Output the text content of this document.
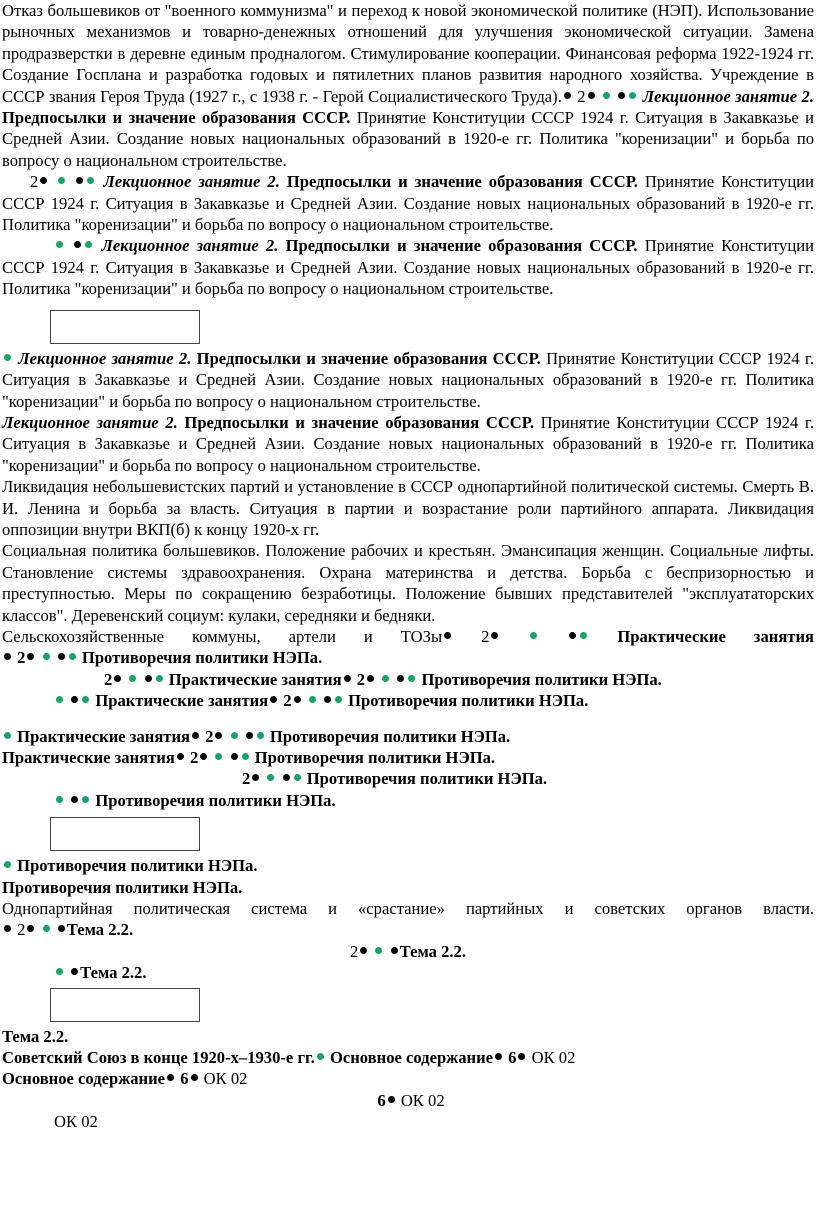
Отказ большевиков от "военного коммунизма" и переход к новой экономической политике (НЭП). Использование рыночных механизмов и товарно-денежных отношений для улучшения экономической ситуации. Замена продразверстки в деревне единым продналогом. Стимулирование кооперации. Финансовая реформа 1922-1924 гг. Создание Госплана и разработка годовых и пятилетних планов развития народного хозяйства. Учреждение в СССР звания Героя Труда (1927 г., с 1938 г. - Герой Социалистического Труда). 2	Лекционное занятие 2. Предпосылки и значение образования СССР. Принятие Конституции СССР 1924 г. Ситуация в Закавказье и Средней Азии. Создание новых национальных образований в 1920-е гг. Политика "коренизации" и борьба по вопросу о национальном строительстве.

2	Лекционное занятие 2. Предпосылки и значение образования СССР. Принятие Конституции СССР 1924 г. Ситуация в Закавказье и Средней Азии. Создание новых национальных образований в 1920-е гг. Политика "коренизации" и борьба по вопросу о национальном строительстве.

Лекционное занятие 2. Предпосылки и значение образования СССР. Принятие Конституции СССР 1924 г. Ситуация в Закавказье и Средней Азии. Создание новых национальных образований в 1920-е гг. Политика "коренизации" и борьба по вопросу о национальном строительстве.

Лекционное занятие 2. Предпосылки и значение образования СССР. Принятие Конституции СССР 1924 г. Ситуация в Закавказье и Средней Азии. Создание новых национальных образований в 1920-е гг. Политика "коренизации" и борьба по вопросу о национальном строительстве.

Лекционное занятие 2. Предпосылки и значение образования СССР. Принятие Конституции СССР 1924 г. Ситуация в Закавказье и Средней Азии. Создание новых национальных образований в 1920-е гг. Политика "коренизации" и борьба по вопросу о национальном строительстве.

Ликвидация небольшевистских партий и установление в СССР однопартийной политической системы. Смерть В. И. Ленина и борьба за власть. Ситуация в партии и возрастание роли партийного аппарата. Ликвидация оппозиции внутри ВКП(б) к концу 1920-х гг.

Социальная политика большевиков. Положение рабочих и крестьян. Эмансипация женщин. Социальные лифты. Становление системы здравоохранения. Охрана материнства и детства. Борьба с беспризорностью и преступностью. Меры по сокращению безработицы. Положение бывших представителей "эксплуататорских классов". Деревенский социум: кулаки, середняки и бедняки.

Сельскохозяйственные коммуны, артели и ТОЗы 2	Практические занятия

2	Противоречия политики НЭПа.

2	Практические занятия 2	Противоречия политики НЭПа.

Практические занятия 2	Противоречия политики НЭПа.

Практические занятия 2	Противоречия политики НЭПа.

Практические занятия 2	Противоречия политики НЭПа.

2	Противоречия политики НЭПа.

Противоречия политики НЭПа.

Противоречия политики НЭПа.

Противоречия политики НЭПа.

Однопартийная политическая система и «срастание» партийных и советских органов власти.

2 Тема 2.2.

2 Тема 2.2.

Тема 2.2.

Тема 2.2.

Советский Союз в конце 1920-х–1930-е гг. Основное содержание 6 ОК 02

Основное содержание 6 ОК 02

6 ОК 02

ОК 02
